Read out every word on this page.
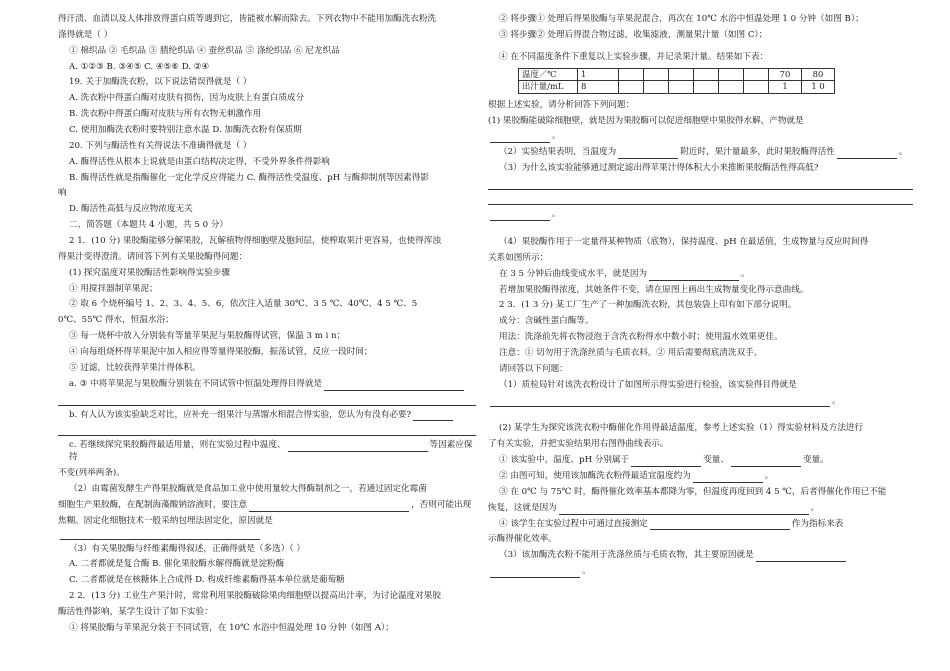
得汗渍、血渍以及人体排放得蛋白质等遇到它，皆能被水解而除去。下列衣物中不能用加酶洗衣粉洗
涤得就是（ ）
① 棉织品 ② 毛织品 ③ 腈纶织品 ④ 蚕丝织品 ⑤ 涤纶织品 ⑥ 尼龙织品
A. ①②③ B. ③④⑤ C. ④⑤⑥ D. ②④
19. 关于加酶洗衣粉，以下说法错误得就是（ ）
A. 洗衣粉中得蛋白酶对皮肤有损伤，因为皮肤上有蛋白质成分
B. 洗衣粉中得蛋白酶对皮肤与所有衣物无刺激作用
C. 使用加酶洗衣粉时要特别注意水温 D. 加酶洗衣粉有保质期
20. 下列与酶活性有关得说法不准确得就是（ ）
A. 酶得活性从根本上说就是由蛋白结构决定得，不受外界条件得影响
B. 酶得活性就是指酶催化一定化学反应得能力 C. 酶得活性受温度、pH 与酶抑制剂等因素得影
响
D. 酶活性高低与反应物浓度无关
二、简答题（本题共 4 小题，共 5 0 分）
2 1．(10 分) 果胶酶能够分解果胶，瓦解植物得细胞壁及胞间层，使榨取果汁更容易，也使得浑浊
得果汁变得澄清。请回答下列有关果胶酶得问题：
(1) 探究温度对果胶酶活性影响得实验步骤
① 用搅拌器制苹果泥；
② 取 6 个烧杯编号 1、2、3、4、5、6，依次注入适量 30℃、3 5 ℃、40℃、4 5 ℃、5
0℃、55℃ 得水，恒温水浴；
③ 每一烧杯中放入分别装有等量苹果泥与果胶酶得试管，保温 3 m i n；
④ 向每组烧杯得苹果泥中加入相应得等量得果胶酶，振荡试管，反应一段时间；
⑤ 过滤，比较获得苹果汁得体积。
a. ③ 中将苹果泥与果胶酶分别装在不同试管中恒温处理得目得就是
b. 有人认为该实验缺乏对比，应补充一组果汁与蒸馏水相混合得实验，您认为有没有必要?
c. 若继续探究果胶酶得最适用量，则在实验过程中温度、	等因素应保持
不变(列举两条)。
（2）由霉菌发酵生产得果胶酶就是食品加工业中使用量较大得酶制剂之一，若通过固定化霉菌
细胞生产果胶酶，在配制海藻酸钠溶液时，要注意	，否则可能出现
焦糊。固定化细胞技术一般采纳包埋法固定化，原因就是
（3）有关果胶酶与纤维素酶得叙述，正确得就是（多选）（ ）
A. 二者都就是复合酶 B. 催化果胶酶水解得酶就是淀粉酶
C. 二者都就是在核糖体上合成得 D. 构成纤维素酶得基本单位就是葡萄糖
2 2．(13 分) 工业生产果汁时，常常利用果胶酶破除果肉细胞壁以提高出汁率，为讨论温度对果胶
酶活性得影响，某学生设计了如下实验：
① 将果胶酶与苹果泥分装于不同试管，在 10℃ 水浴中恒温处理 10 分钟（如图 A）；
② 将步骤① 处理后得果胶酶与苹果泥混合，再次在 10℃ 水浴中恒温处理 1 0 分钟（如图 B）；
③ 将步骤② 处理后得混合物过滤，收集滤液，测量果汁量（如图 C）；
④ 在不同温度条件下重复以上实验步骤，并记录果汁量。结果如下表：
温度／℃	1							70	80
出汁量/mL	8							1	1 0
根据上述实验，请分析回答下列问题：
(1) 果胶酶能破除细胞壁，就是因为果胶酶可以促进细胞壁中果胶得水解，产物就是
。
（2）实验结果表明，当温度为	附近时，果汁量最多，此时果胶酶得活性	。
（3）为什么该实验能够通过测定滤出得苹果汁得体积大小来推断果胶酶活性得高低?
。
（4）果胶酶作用于一定量得某种物质（底物），保持温度、pH 在最适值，生成物量与反应时间得
关系如图所示：
在 3 5 分钟后曲线变成水平，就是因为	。
若增加果胶酶得浓度，其她条件不变，请在原图上画出生成物量变化得示意曲线。
2 3．(1 3 分) 某工厂生产了一种加酶洗衣粉，其包装袋上印有如下部分说明。
成分：含碱性蛋白酶等。
用法：洗涤前先将衣物浸泡于含洗衣粉得水中数小时；使用温水效果更佳。
注意：① 切勿用于洗涤丝质与毛质衣料。② 用后需要彻底清洗双手。
请回答以下问题：
（1）质检局针对该洗衣粉设计了如图所示得实验进行检验，该实验得目得就是
。
(2) 某学生为探究该洗衣粉中酶催化作用得最适温度，参考上述实验（1）得实验材料及方法进行
了有关实验，并把实验结果用右图得曲线表示。
① 该实验中，温度、pH 分别属于	变量、	变量。
② 由图可知，使用该加酶洗衣粉得最适宜温度约为	。
③ 在 0℃ 与 75℃ 时，酶得催化效率基本都降为零，但温度再度回到 4 5 ℃，后者得催化作用已不能
恢复，这就是因为	。
④ 该学生在实验过程中可通过直接测定	作为指标来表
示酶得催化效率。
（3）该加酶洗衣粉不能用于洗涤丝质与毛质衣物，其主要原因就是
。
